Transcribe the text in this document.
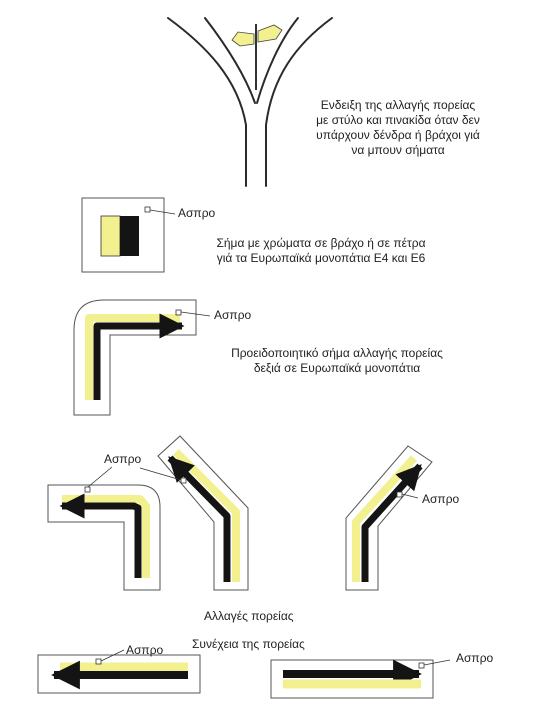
Ενδειξη της αλλαγής πορείας
με στύλο και πινακίδα όταν δεν
υπάρχουν δένδρα ή βράχοι γιά
να μπουν σήματα
Ασπρο
Σήμα με χρώματα σε βράχο ή σε πέτρα
γιά τα Ευρωπαϊκά μονοπάτια Ε4 και Ε6
Ασπρο
Προειδοποιητικό σήμα αλλαγής πορείας
δεξιά σε Ευρωπαϊκά μονοπάτια
Ασπρο
Ασπρο
Αλλαγές πορείας
Συνέχεια της πορείας
Ασπρο
Ασπρο
